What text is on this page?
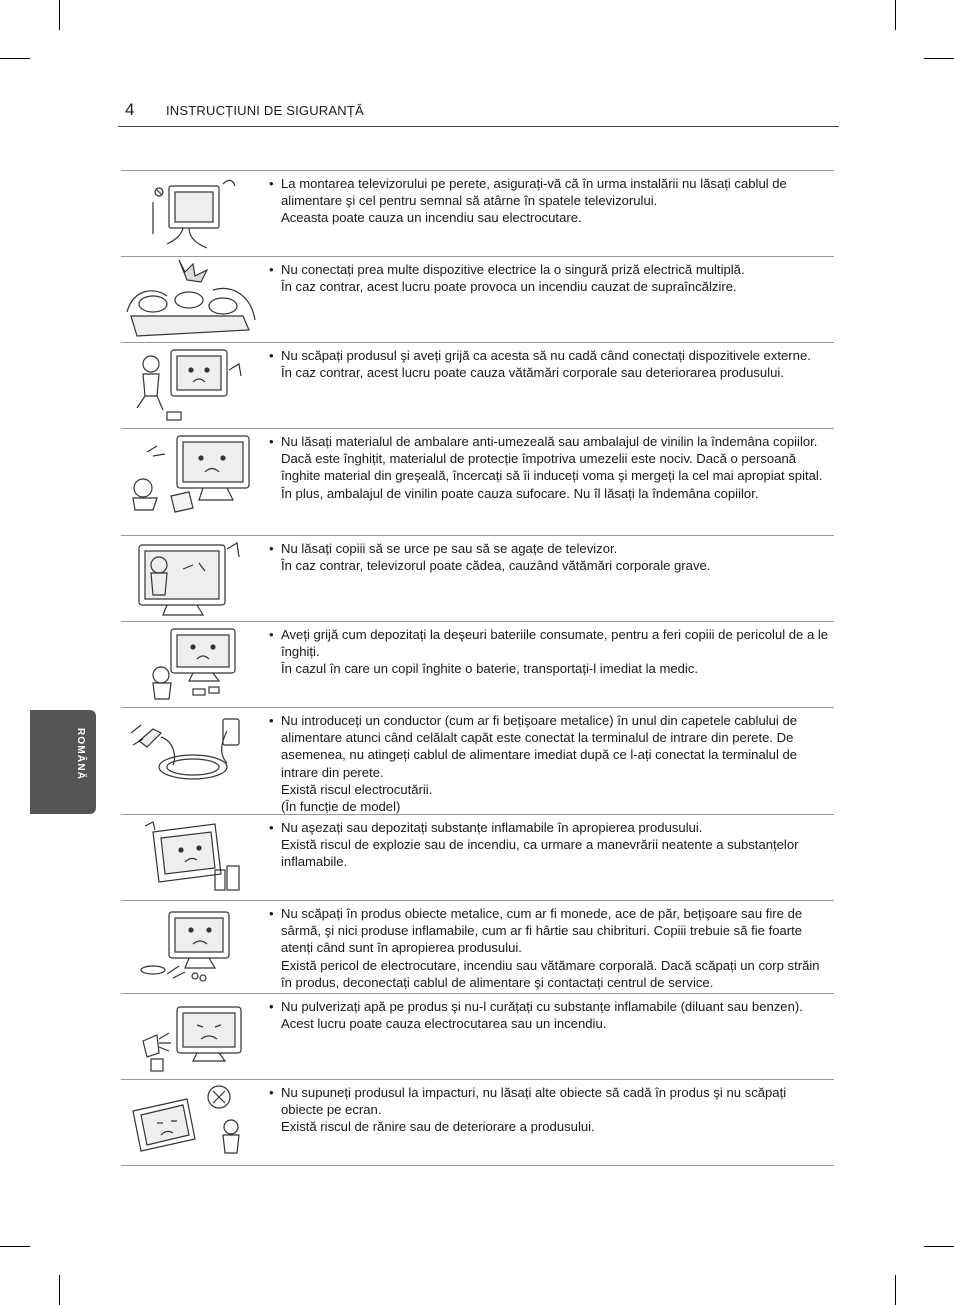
4 INSTRUCȚIUNI DE SIGURANȚĂ
ROMÂNĂ
• La montarea televizorului pe perete, asigurați-vă că în urma instalării nu lăsați cablul de alimentare şi cel pentru semnal să atârne în spatele televizorului.

Aceasta poate cauza un incendiu sau electrocutare.

• Nu conectați prea multe dispozitive electrice la o singură priză electrică multiplă.

În caz contrar, acest lucru poate provoca un incendiu cauzat de supraîncălzire.

• Nu scăpați produsul şi aveți grijă ca acesta să nu cadă când conectați dispozitivele externe.

În caz contrar, acest lucru poate cauza vătămări corporale sau deteriorarea produsului.

• Nu lăsați materialul de ambalare anti-umezeală sau ambalajul de vinilin la îndemâna copiilor.

Dacă este înghițit, materialul de protecție împotriva umezelii este nociv. Dacă o persoană înghite material din greşeală, încercați să îi induceți voma şi mergeți la cel mai apropiat spital. În plus, ambalajul de vinilin poate cauza sufocare. Nu îl lăsați la îndemâna copiilor.

• Nu lăsați copiii să se urce pe sau să se agațe de televizor.

În caz contrar, televizorul poate cădea, cauzând vătămări corporale grave.

• Aveți grijă cum depozitați la deşeuri bateriile consumate, pentru a feri copiii de pericolul de a le înghiți.

În cazul în care un copil înghite o baterie, transportați-l imediat la medic.

• Nu introduceți un conductor (cum ar fi bețişoare metalice) în unul din capetele cablului de alimentare atunci când celălalt capăt este conectat la terminalul de intrare din perete. De asemenea, nu atingeți cablul de alimentare imediat după ce l-ați conectat la terminalul de intrare din perete.

Există riscul electrocutării.

(În funcție de model)

• Nu aşezați sau depozitați substanțe inflamabile în apropierea produsului.

Există riscul de explozie sau de incendiu, ca urmare a manevrării neatente a substanțelor inflamabile.

• Nu scăpați în produs obiecte metalice, cum ar fi monede, ace de păr, bețişoare sau fire de sârmă, şi nici produse inflamabile, cum ar fi hârtie sau chibrituri. Copiii trebuie să fie foarte atenți când sunt în apropierea produsului.

Există pericol de electrocutare, incendiu sau vătămare corporală. Dacă scăpați un corp străin în produs, deconectați cablul de alimentare şi contactați centrul de service.

• Nu pulverizați apă pe produs şi nu-l curățați cu substanțe inflamabile (diluant sau benzen). Acest lucru poate cauza electrocutarea sau un incendiu.

• Nu supuneți produsul la impacturi, nu lăsați alte obiecte să cadă în produs şi nu scăpați obiecte pe ecran.

Există riscul de rănire sau de deteriorare a produsului.
